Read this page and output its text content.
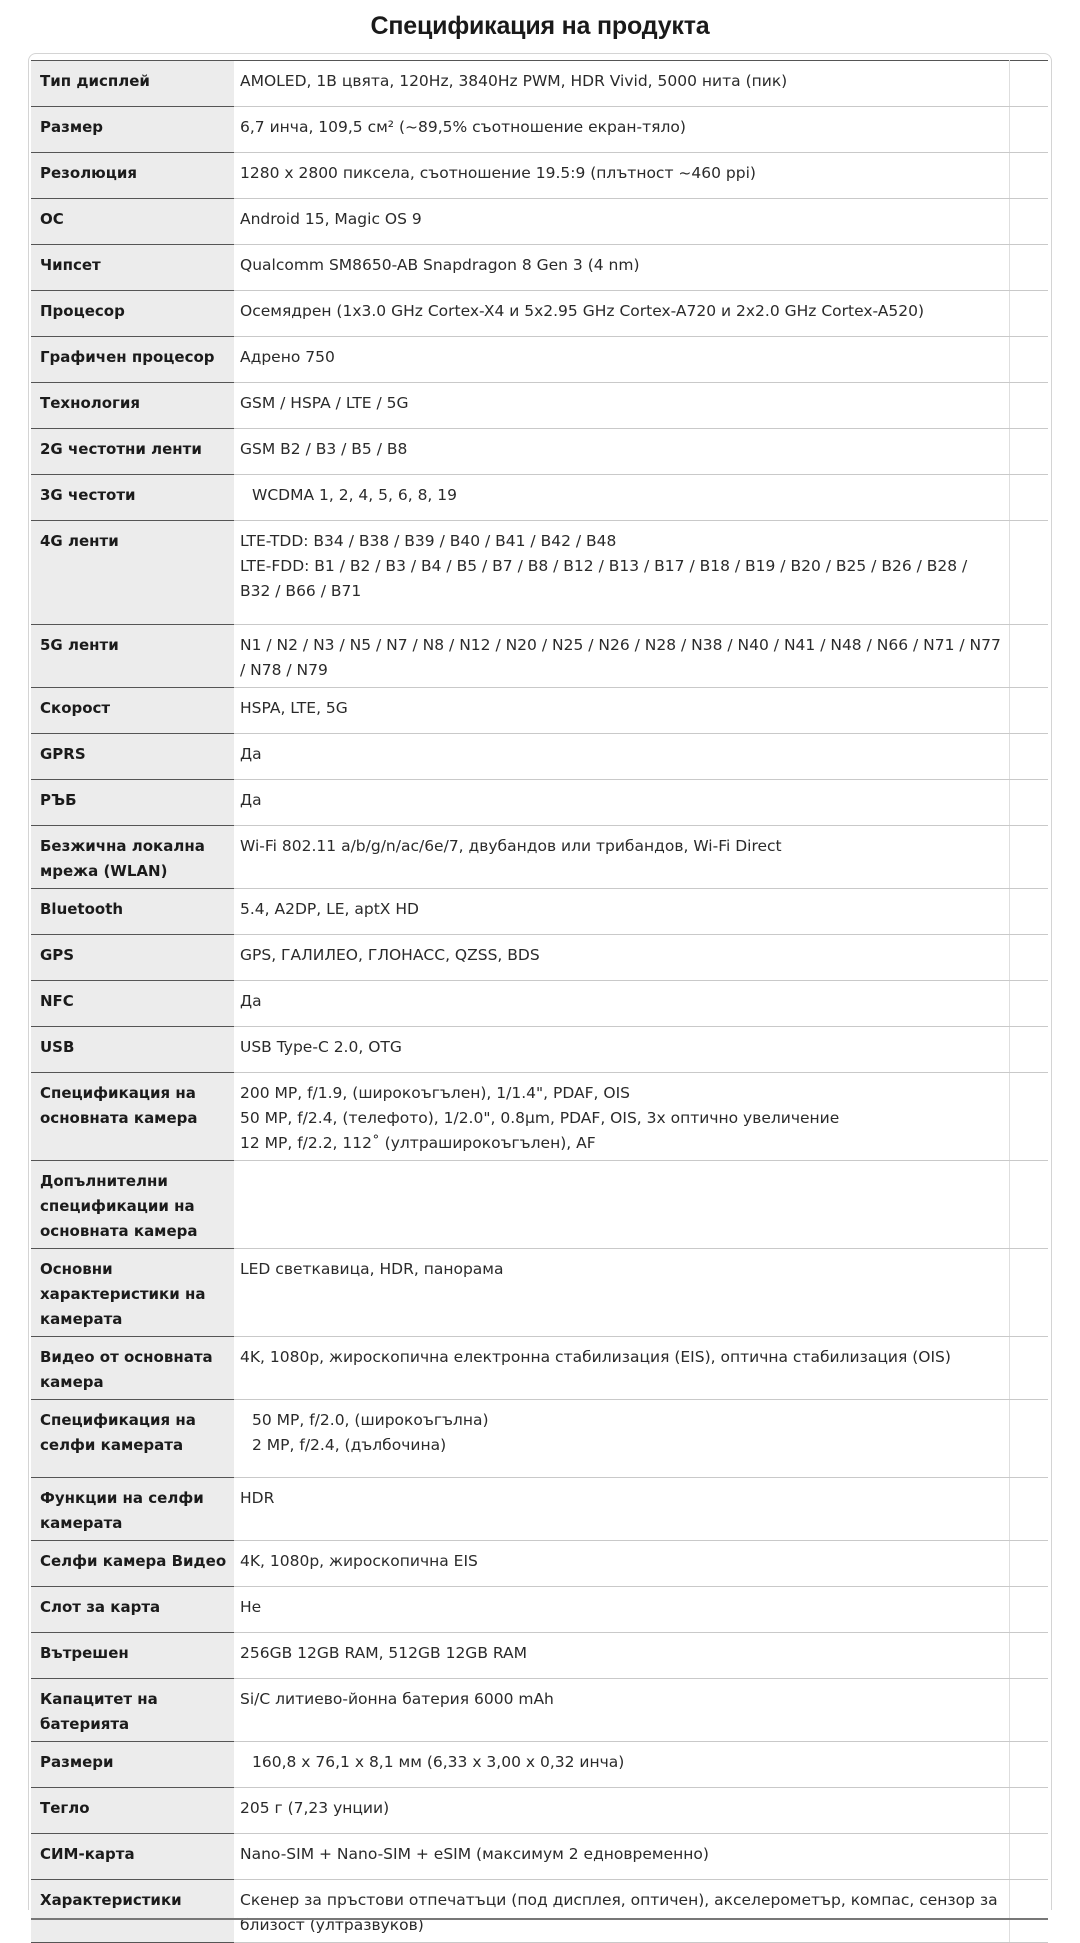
Спецификация на продукта
Тип дисплей	AMOLED, 1B цвята, 120Hz, 3840Hz PWM, HDR Vivid, 5000 нита (пик)	

Размер	6,7 инча, 109,5 см² (~89,5% съотношение екран-тяло)	

Резолюция	1280 x 2800 пиксела, съотношение 19.5:9 (плътност ~460 ppi)	

ОС	Android 15, Magic OS 9	

Чипсет	Qualcomm SM8650-AB Snapdragon 8 Gen 3 (4 nm)	

Процесор	Осемядрен (1x3.0 GHz Cortex-X4 и 5x2.95 GHz Cortex-A720 и 2x2.0 GHz Cortex-A520)	

Графичен процесор	Адрено 750	

Технология	GSM / HSPA / LTE / 5G	

2G честотни ленти	GSM B2 / B3 / B5 / B8	

3G честоти	WCDMA 1, 2, 4, 5, 6, 8, 19	

4G ленти	LTE-TDD: B34 / B38 / B39 / B40 / B41 / B42 / B48
LTE-FDD: B1 / B2 / B3 / B4 / B5 / B7 / B8 / B12 / B13 / B17 / B18 / B19 / B20 / B25 / B26 / B28 / B32 / B66 / B71	

5G ленти	N1 / N2 / N3 / N5 / N7 / N8 / N12 / N20 / N25 / N26 / N28 / N38 / N40 / N41 / N48 / N66 / N71 / N77 / N78 / N79	

Скорост	HSPA, LTE, 5G	

GPRS	Да	

РЪБ	Да	

Безжична локална мрежа (WLAN)	Wi-Fi 802.11 a/b/g/n/ac/6e/7, двубандов или трибандов, Wi-Fi Direct	

Bluetooth	5.4, A2DP, LE, aptX HD	

GPS	GPS, ГАЛИЛЕО, ГЛОНАСС, QZSS, BDS	

NFC	Да	

USB	USB Type-C 2.0, OTG	

Спецификация на основната камера	200 MP, f/1.9, (широкоъгълен), 1/1.4", PDAF, OIS
50 MP, f/2.4, (телефото), 1/2.0", 0.8µm, PDAF, OIS, 3x оптично увеличение
12 MP, f/2.2, 112˚ (ултраширокоъгълен), AF	

Допълнителни спецификации на основната камера		
Основни характеристики на камерата	LED светкавица, HDR, панорама	

Видео от основната камера	4K, 1080p, жироскопична електронна стабилизация (EIS), оптична стабилизация (OIS)	

Спецификация на селфи камерата	50 MP, f/2.0, (широкоъгълна)
2 MP, f/2.4, (дълбочина)	

Функции на селфи камерата	HDR	

Селфи камера Видео	4K, 1080p, жироскопична EIS	

Слот за карта	Не	

Вътрешен	256GB 12GB RAM, 512GB 12GB RAM	

Капацитет на батерията	Si/C литиево-йонна батерия 6000 mAh	

Размери	160,8 x 76,1 x 8,1 мм (6,33 x 3,00 x 0,32 инча)	

Тегло	205 г (7,23 унции)	

СИМ-карта	Nano-SIM + Nano-SIM + eSIM (максимум 2 едновременно)	

Характеристики	Скенер за пръстови отпечатъци (под дисплея, оптичен), акселерометър, компас, сензор за близост (ултразвуков)	
